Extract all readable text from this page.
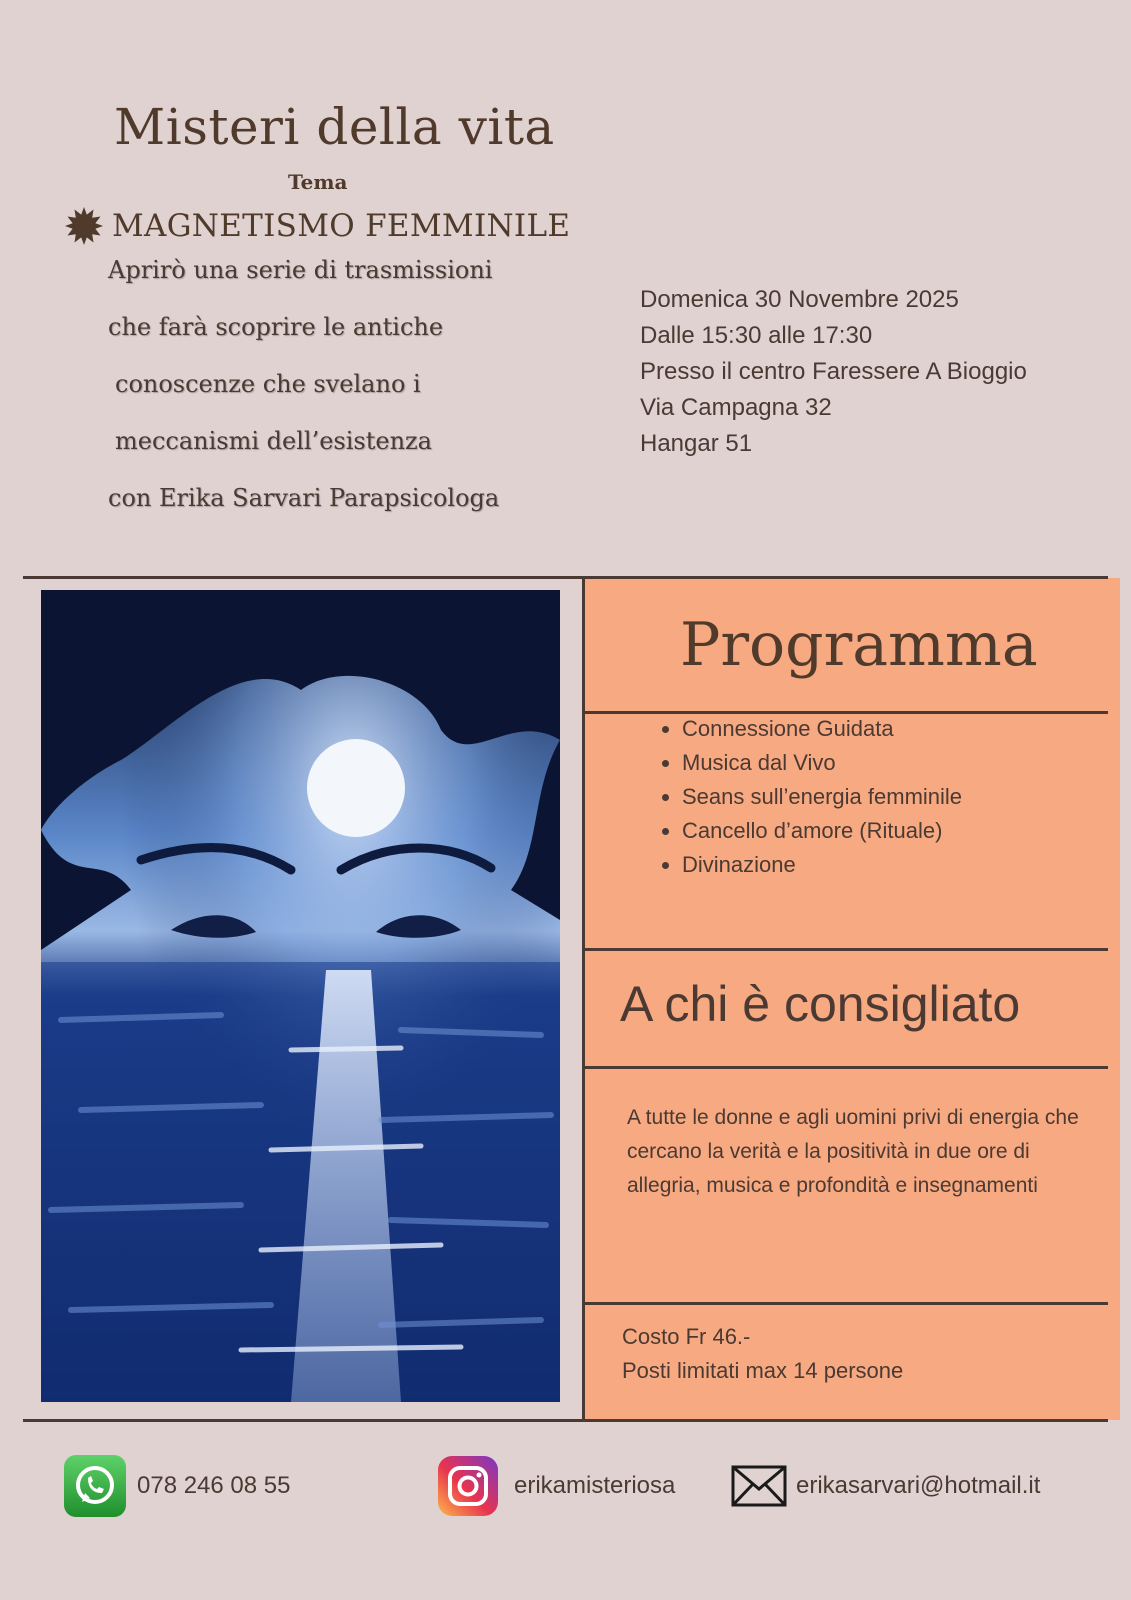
Misteri della vita
Tema
MAGNETISMO FEMMINILE
Aprirò una serie di trasmissioni
che farà scoprire le antiche
conoscenze che svelano i
meccanismi dell’esistenza
con Erika Sarvari Parapsicologa
Domenica 30 Novembre 2025
Dalle 15:30 alle 17:30
Presso il centro Faressere A Bioggio
Via Campagna 32
Hangar 51
Programma
• Connessione Guidata
• Musica dal Vivo
• Seans sull’energia femminile
• Cancello d’amore (Rituale)
• Divinazione
A chi è consigliato
A tutte le donne e agli uomini privi di energia che cercano la verità e la positività in due ore di allegria, musica e profondità e insegnamenti
Costo Fr 46.-
Posti limitati max 14 persone
078 246 08 55	erikamisteriosa	erikasarvari@hotmail.it
